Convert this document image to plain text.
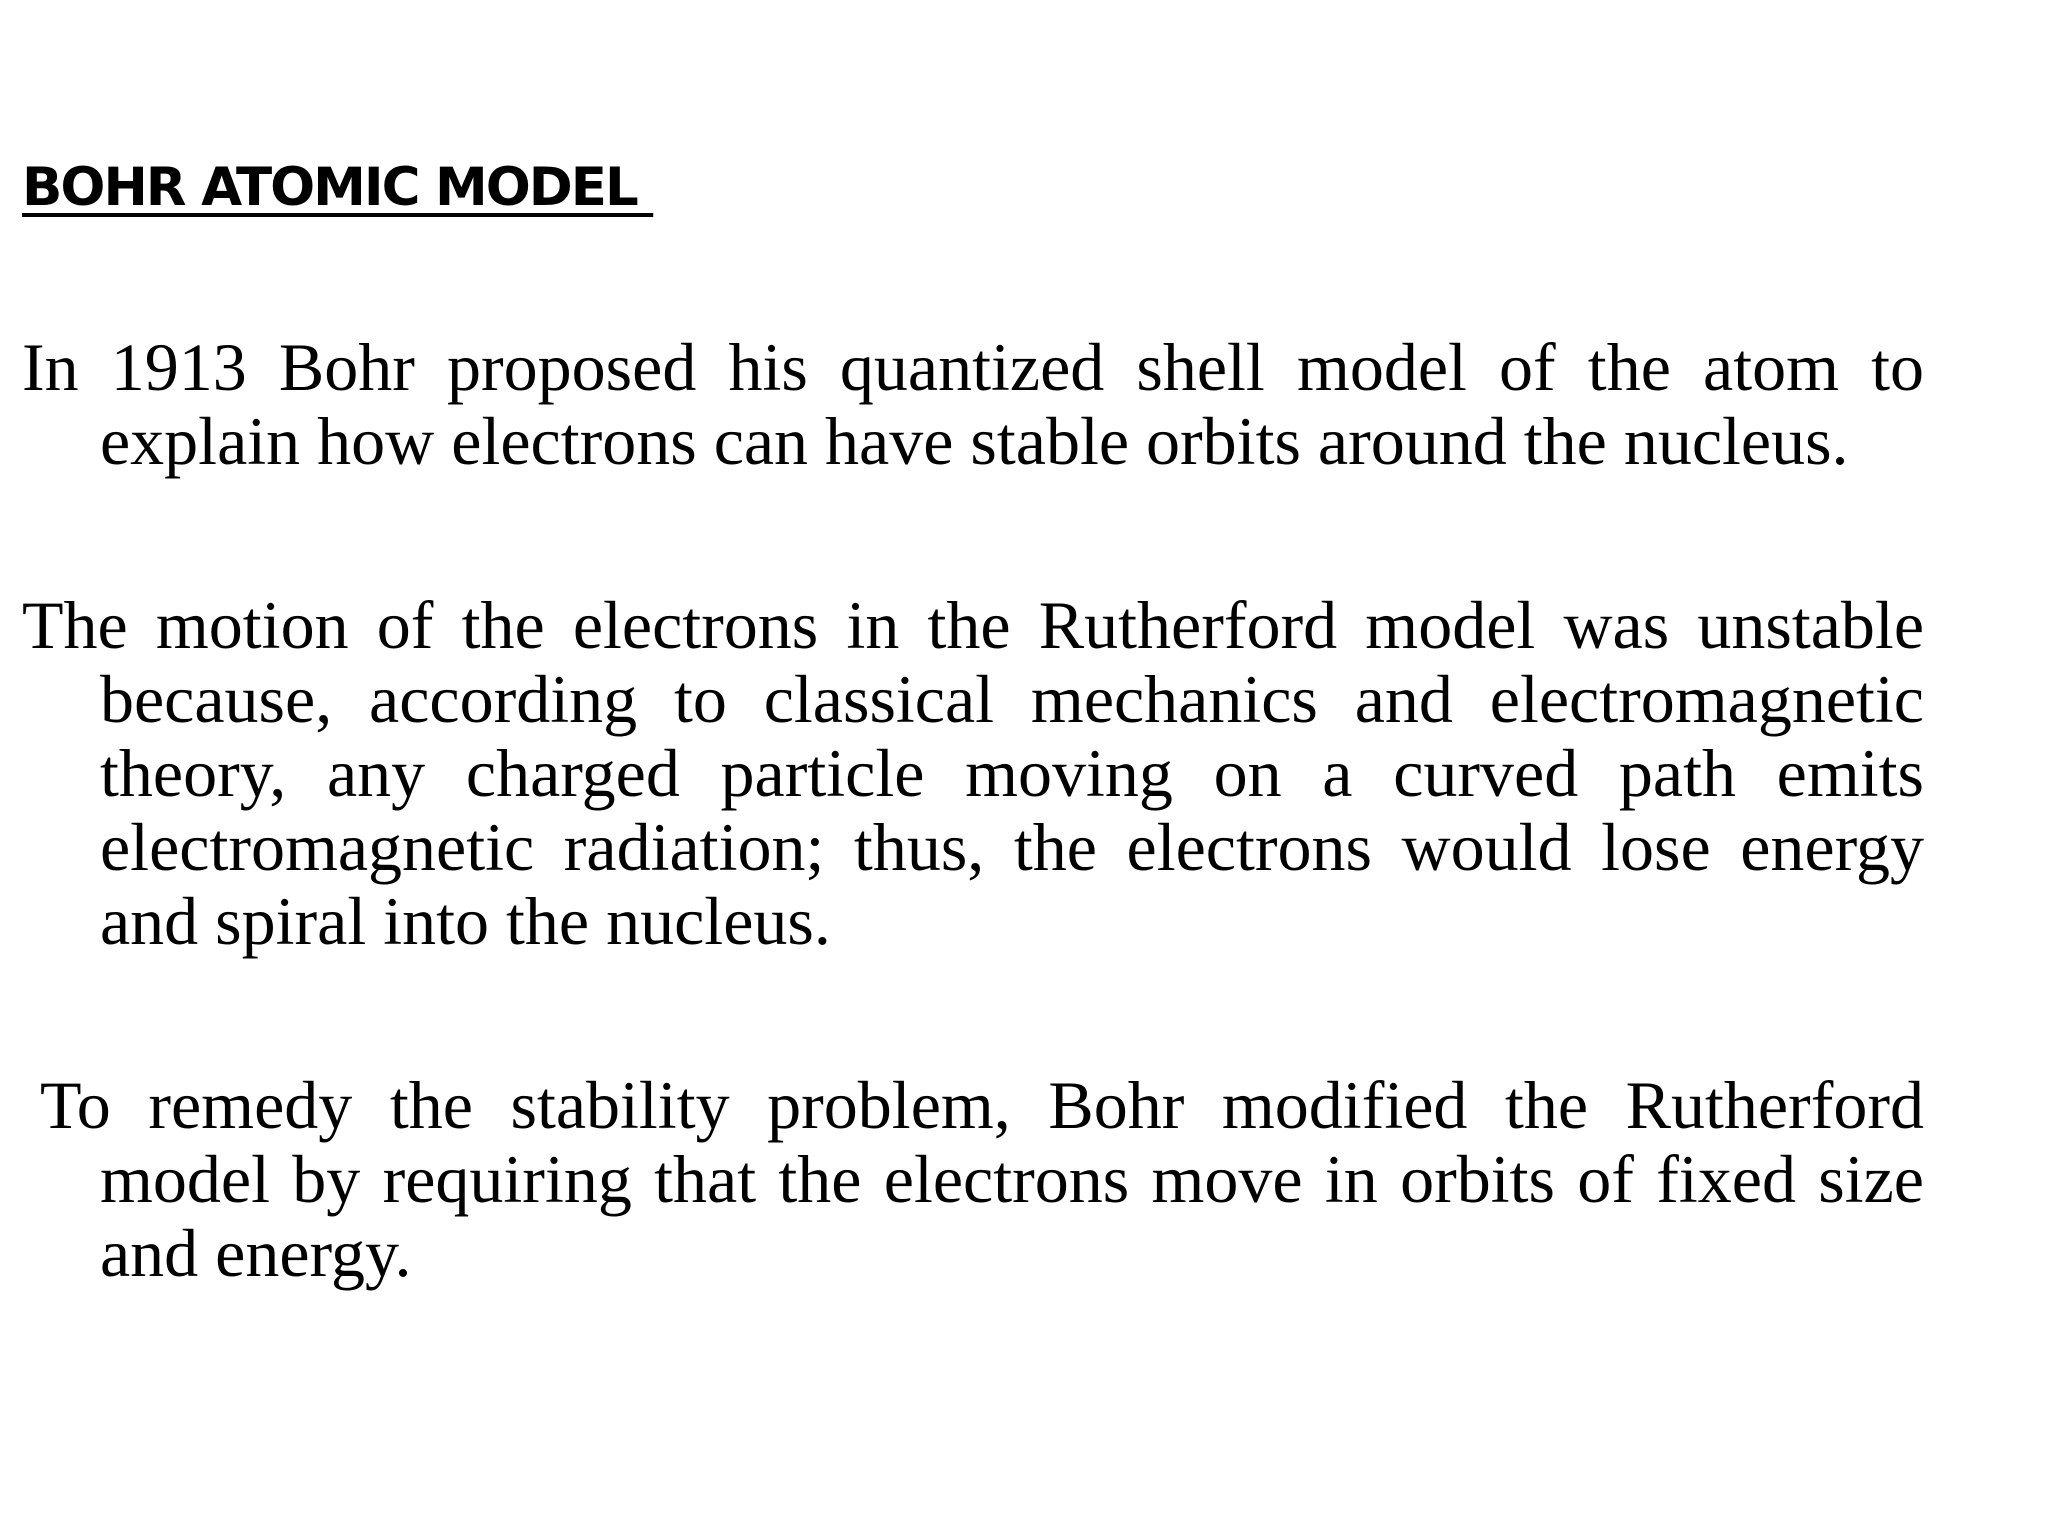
BOHR ATOMIC MODEL

In 1913 Bohr proposed his quantized shell model of the atom to explain how electrons can have stable orbits around the nucleus.

The motion of the electrons in the Rutherford model was unstable because, according to classical mechanics and electromagnetic theory, any charged particle moving on a curved path emits electromagnetic radiation; thus, the electrons would lose energy and spiral into the nucleus.

To remedy the stability problem, Bohr modified the Rutherford model by requiring that the electrons move in orbits of fixed size and energy.
